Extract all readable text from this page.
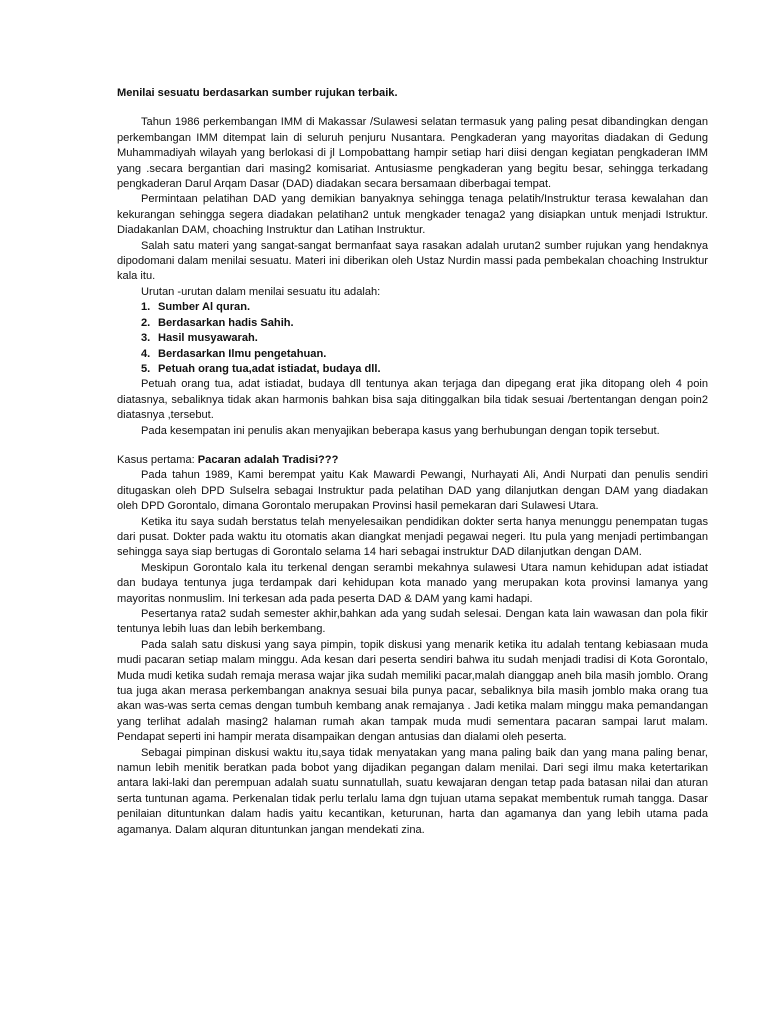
Menilai sesuatu berdasarkan sumber rujukan terbaik.

Tahun 1986 perkembangan IMM di Makassar /Sulawesi selatan termasuk yang paling pesat dibandingkan dengan perkembangan IMM ditempat lain di seluruh penjuru Nusantara. Pengkaderan yang mayoritas diadakan di Gedung Muhammadiyah wilayah yang berlokasi di jl Lompobattang hampir setiap hari diisi dengan kegiatan pengkaderan IMM yang .secara bergantian dari masing2 komisariat. Antusiasme pengkaderan yang begitu besar, sehingga terkadang pengkaderan Darul Arqam Dasar (DAD) diadakan secara bersamaan diberbagai tempat.

Permintaan pelatihan DAD yang demikian banyaknya sehingga tenaga pelatih/Instruktur terasa kewalahan dan kekurangan sehingga segera diadakan pelatihan2 untuk mengkader tenaga2 yang disiapkan untuk menjadi Istruktur. Diadakanlan DAM, choaching Instruktur dan Latihan Instruktur.

Salah satu materi yang sangat-sangat bermanfaat saya rasakan adalah urutan2 sumber rujukan yang hendaknya dipodomani dalam menilai sesuatu. Materi ini diberikan oleh Ustaz Nurdin massi pada pembekalan choaching Instruktur kala itu.

Urutan -urutan dalam menilai sesuatu itu adalah:

1. Sumber Al quran.
2. Berdasarkan hadis Sahih.
3. Hasil musyawarah.
4. Berdasarkan Ilmu pengetahuan.
5. Petuah orang tua,adat istiadat, budaya dll.

Petuah orang tua, adat istiadat, budaya dll tentunya akan terjaga dan dipegang erat jika ditopang oleh 4 poin diatasnya, sebaliknya tidak akan harmonis bahkan bisa saja ditinggalkan bila tidak sesuai /bertentangan dengan poin2 diatasnya ,tersebut.

Pada kesempatan ini penulis akan menyajikan beberapa kasus yang berhubungan dengan topik tersebut.

Kasus pertama: Pacaran adalah Tradisi???

Pada tahun 1989, Kami berempat yaitu Kak Mawardi Pewangi, Nurhayati Ali, Andi Nurpati dan penulis sendiri ditugaskan oleh DPD Sulselra sebagai Instruktur pada pelatihan DAD yang dilanjutkan dengan DAM yang diadakan oleh DPD Gorontalo, dimana Gorontalo merupakan Provinsi hasil pemekaran dari Sulawesi Utara.

Ketika itu saya sudah berstatus telah menyelesaikan pendidikan dokter serta hanya menunggu penempatan tugas dari pusat. Dokter pada waktu itu otomatis akan diangkat menjadi pegawai negeri. Itu pula yang menjadi pertimbangan sehingga saya siap bertugas di Gorontalo selama 14 hari sebagai instruktur DAD dilanjutkan dengan DAM.

Meskipun Gorontalo kala itu terkenal dengan serambi mekahnya sulawesi Utara namun kehidupan adat istiadat dan budaya tentunya juga terdampak dari kehidupan kota manado yang merupakan kota provinsi lamanya yang mayoritas nonmuslim. Ini terkesan ada pada peserta DAD & DAM yang kami hadapi.

Pesertanya rata2 sudah semester akhir,bahkan ada yang sudah selesai. Dengan kata lain wawasan dan pola fikir tentunya lebih luas dan lebih berkembang.

Pada salah satu diskusi yang saya pimpin, topik diskusi yang menarik ketika itu adalah tentang kebiasaan muda mudi pacaran setiap malam minggu. Ada kesan dari peserta sendiri bahwa itu sudah menjadi tradisi di Kota Gorontalo, Muda mudi ketika sudah remaja merasa wajar jika sudah memiliki pacar,malah dianggap aneh bila masih jomblo. Orang tua juga akan merasa perkembangan anaknya sesuai bila punya pacar, sebaliknya bila masih jomblo maka orang tua akan was-was serta cemas dengan tumbuh kembang anak remajanya . Jadi ketika malam minggu maka pemandangan yang terlihat adalah masing2 halaman rumah akan tampak muda mudi sementara pacaran sampai larut malam. Pendapat seperti ini hampir merata disampaikan dengan antusias dan dialami oleh peserta.

Sebagai pimpinan diskusi waktu itu,saya tidak menyatakan yang mana paling baik dan yang mana paling benar, namun lebih menitik beratkan pada bobot yang dijadikan pegangan dalam menilai. Dari segi ilmu maka ketertarikan antara laki-laki dan perempuan adalah suatu sunnatullah, suatu kewajaran dengan tetap pada batasan nilai dan aturan serta tuntunan agama. Perkenalan tidak perlu terlalu lama dgn tujuan utama sepakat membentuk rumah tangga. Dasar penilaian dituntunkan dalam hadis yaitu kecantikan, keturunan, harta dan agamanya dan yang lebih utama pada agamanya. Dalam alquran dituntunkan jangan mendekati zina.
